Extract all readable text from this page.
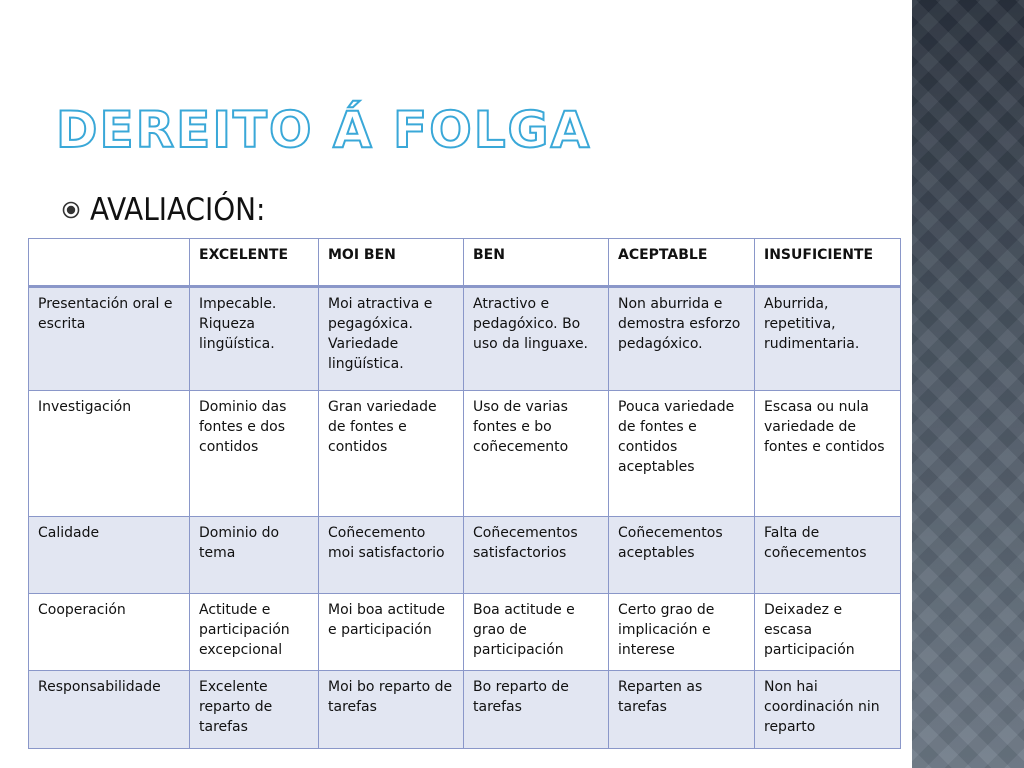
DEREITO Á FOLGA
AVALIACIÓN:
	EXCELENTE	MOI BEN	BEN	ACEPTABLE	INSUFICIENTE
Presentación oral e escrita	Impecable. Riqueza lingüística.	Moi atractiva e pegagóxica. Variedade lingüística.	Atractivo e pedagóxico. Bo uso da linguaxe.	Non aburrida e demostra esforzo pedagóxico.	Aburrida, repetitiva, rudimentaria.
Investigación	Dominio das fontes e dos contidos	Gran variedade de fontes e contidos	Uso de varias fontes e bo coñecemento	Pouca variedade de fontes e contidos aceptables	Escasa ou nula variedade de fontes e contidos
Calidade	Dominio do tema	Coñecemento moi satisfactorio	Coñecementos satisfactorios	Coñecementos aceptables	Falta de coñecementos
Cooperación	Actitude e participación excepcional	Moi boa actitude e participación	Boa actitude e grao de participación	Certo grao de implicación e interese	Deixadez e escasa participación
Responsabilidade	Excelente reparto de tarefas	Moi bo reparto de tarefas	Bo reparto de tarefas	Reparten as tarefas	Non hai coordinación nin reparto
